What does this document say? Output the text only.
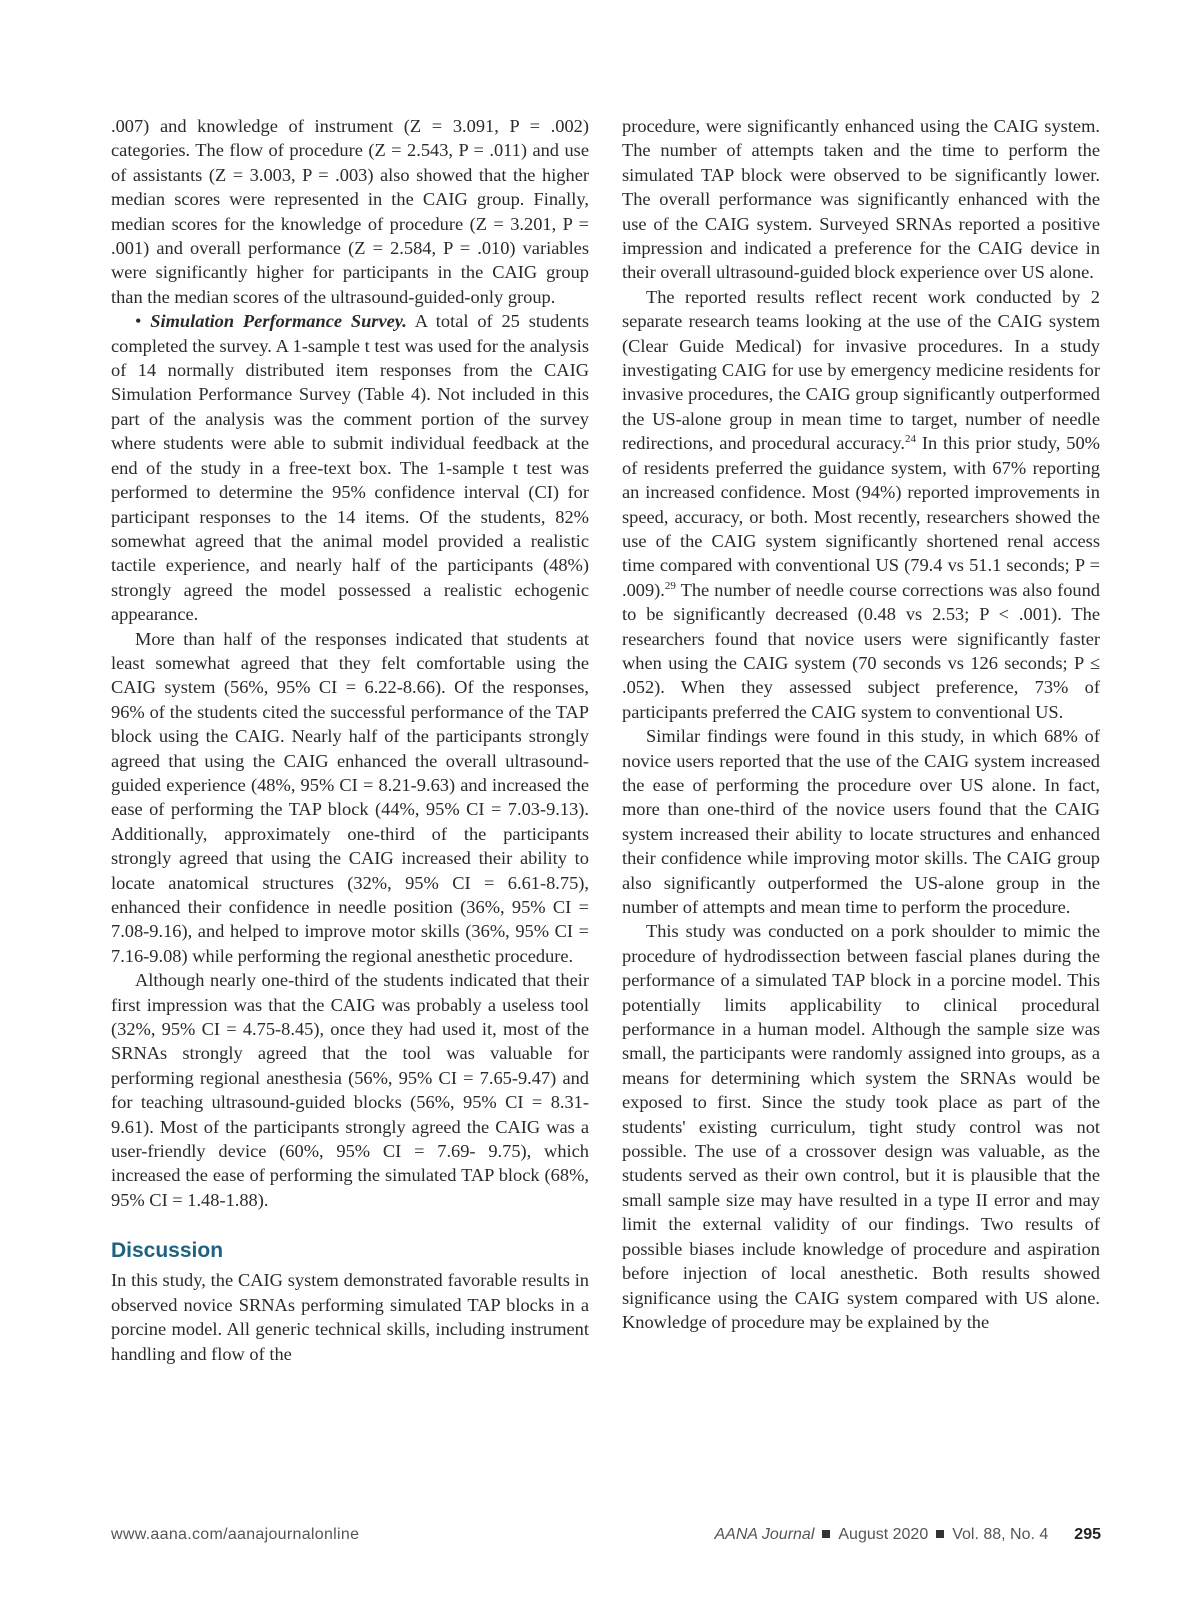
.007) and knowledge of instrument (Z = 3.091, P = .002) categories. The flow of procedure (Z = 2.543, P = .011) and use of assistants (Z = 3.003, P = .003) also showed that the higher median scores were represented in the CAIG group. Finally, median scores for the knowledge of procedure (Z = 3.201, P = .001) and overall performance (Z = 2.584, P = .010) variables were significantly higher for participants in the CAIG group than the median scores of the ultrasound-guided-only group.

• Simulation Performance Survey. A total of 25 students completed the survey. A 1-sample t test was used for the analysis of 14 normally distributed item responses from the CAIG Simulation Performance Survey (Table 4). Not included in this part of the analysis was the comment portion of the survey where students were able to submit individual feedback at the end of the study in a free-text box. The 1-sample t test was performed to determine the 95% confidence interval (CI) for participant responses to the 14 items. Of the students, 82% somewhat agreed that the animal model provided a realistic tactile experience, and nearly half of the participants (48%) strongly agreed the model possessed a realistic echogenic appearance.

More than half of the responses indicated that students at least somewhat agreed that they felt comfortable using the CAIG system (56%, 95% CI = 6.22-8.66). Of the responses, 96% of the students cited the successful performance of the TAP block using the CAIG. Nearly half of the participants strongly agreed that using the CAIG enhanced the overall ultrasound-guided experience (48%, 95% CI = 8.21-9.63) and increased the ease of performing the TAP block (44%, 95% CI = 7.03-9.13). Additionally, approximately one-third of the participants strongly agreed that using the CAIG increased their ability to locate anatomical structures (32%, 95% CI = 6.61-8.75), enhanced their confidence in needle position (36%, 95% CI = 7.08-9.16), and helped to improve motor skills (36%, 95% CI = 7.16-9.08) while performing the regional anesthetic procedure.

Although nearly one-third of the students indicated that their first impression was that the CAIG was probably a useless tool (32%, 95% CI = 4.75-8.45), once they had used it, most of the SRNAs strongly agreed that the tool was valuable for performing regional anesthesia (56%, 95% CI = 7.65-9.47) and for teaching ultrasound-guided blocks (56%, 95% CI = 8.31-9.61). Most of the participants strongly agreed the CAIG was a user-friendly device (60%, 95% CI = 7.69- 9.75), which increased the ease of performing the simulated TAP block (68%, 95% CI = 1.48-1.88).

Discussion

In this study, the CAIG system demonstrated favorable results in observed novice SRNAs performing simulated TAP blocks in a porcine model. All generic technical skills, including instrument handling and flow of the

procedure, were significantly enhanced using the CAIG system. The number of attempts taken and the time to perform the simulated TAP block were observed to be significantly lower. The overall performance was significantly enhanced with the use of the CAIG system. Surveyed SRNAs reported a positive impression and indicated a preference for the CAIG device in their overall ultrasound-guided block experience over US alone.

The reported results reflect recent work conducted by 2 separate research teams looking at the use of the CAIG system (Clear Guide Medical) for invasive procedures. In a study investigating CAIG for use by emergency medicine residents for invasive procedures, the CAIG group significantly outperformed the US-alone group in mean time to target, number of needle redirections, and procedural accuracy.$^{24}$ In this prior study, 50% of residents preferred the guidance system, with 67% reporting an increased confidence. Most (94%) reported improvements in speed, accuracy, or both. Most recently, researchers showed the use of the CAIG system significantly shortened renal access time compared with conventional US (79.4 vs 51.1 seconds; P = .009).$^{29}$ The number of needle course corrections was also found to be significantly decreased (0.48 vs 2.53; P < .001). The researchers found that novice users were significantly faster when using the CAIG system (70 seconds vs 126 seconds; P ≤ .052). When they assessed subject preference, 73% of participants preferred the CAIG system to conventional US.

Similar findings were found in this study, in which 68% of novice users reported that the use of the CAIG system increased the ease of performing the procedure over US alone. In fact, more than one-third of the novice users found that the CAIG system increased their ability to locate structures and enhanced their confidence while improving motor skills. The CAIG group also significantly outperformed the US-alone group in the number of attempts and mean time to perform the procedure.

This study was conducted on a pork shoulder to mimic the procedure of hydrodissection between fascial planes during the performance of a simulated TAP block in a porcine model. This potentially limits applicability to clinical procedural performance in a human model. Although the sample size was small, the participants were randomly assigned into groups, as a means for determining which system the SRNAs would be exposed to first. Since the study took place as part of the students' existing curriculum, tight study control was not possible. The use of a crossover design was valuable, as the students served as their own control, but it is plausible that the small sample size may have resulted in a type II error and may limit the external validity of our findings. Two results of possible biases include knowledge of procedure and aspiration before injection of local anesthetic. Both results showed significance using the CAIG system compared with US alone. Knowledge of procedure may be explained by the

www.aana.com/aanajournalonline	AANA Journal August 2020 Vol. 88, No. 4 295
